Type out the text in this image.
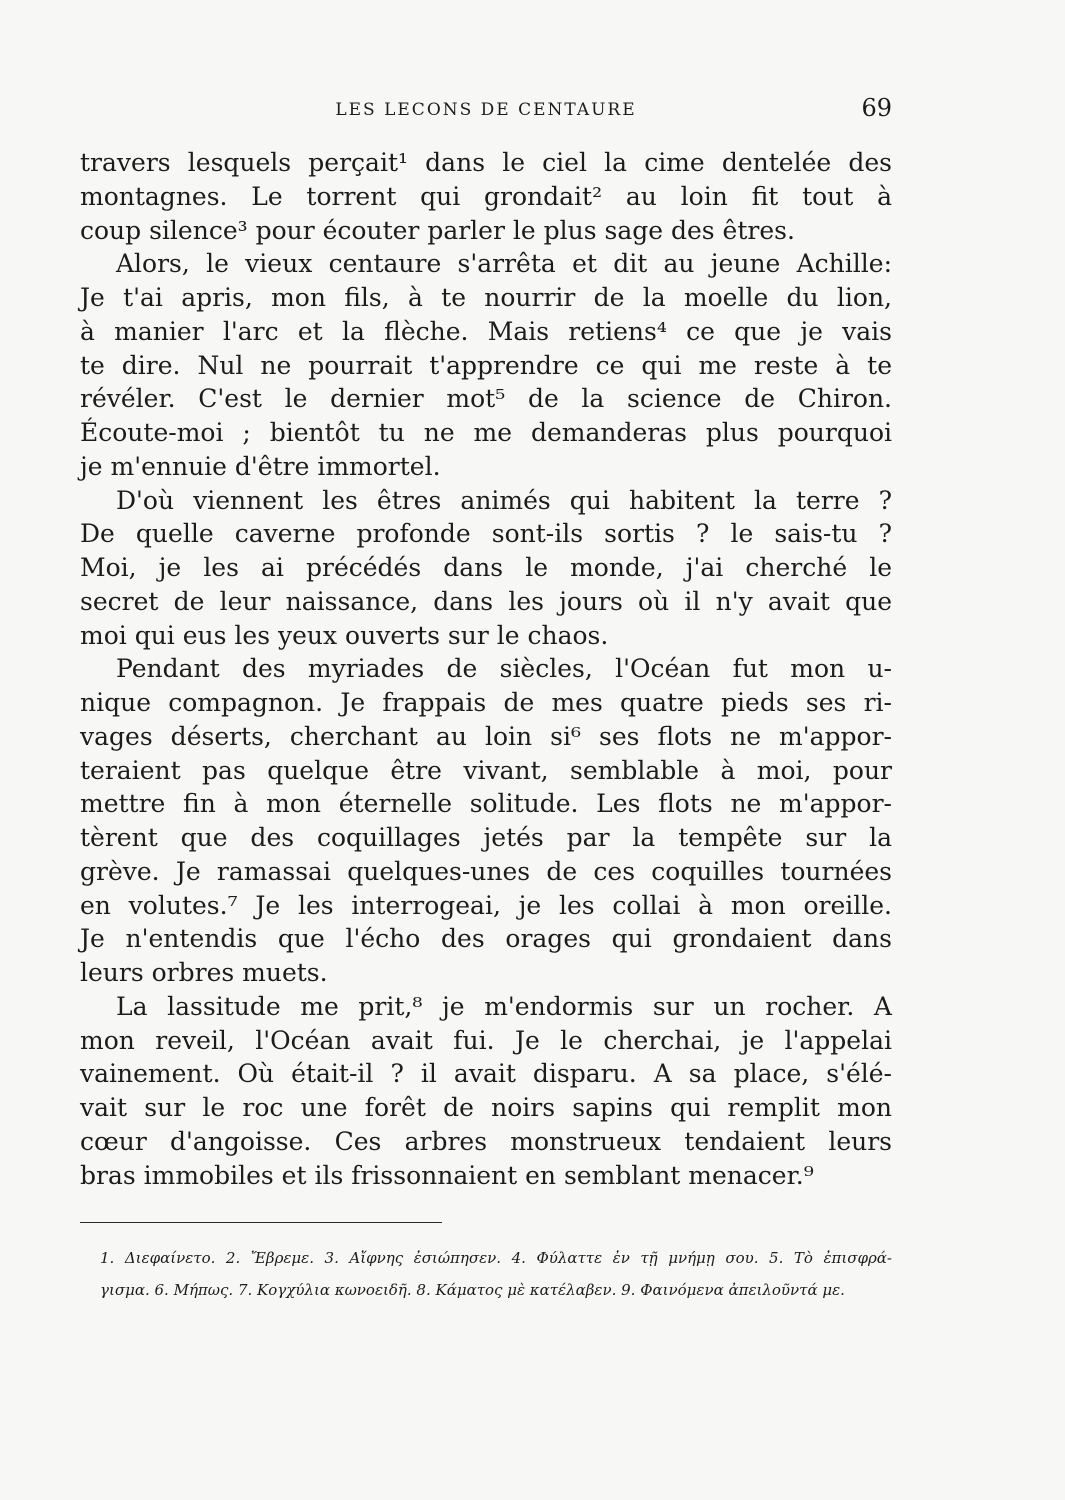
LES LECONS DE CENTAURE	69
travers lesquels perçait¹ dans le ciel la cime dentelée des
montagnes. Le torrent qui grondait² au loin fit tout à
coup silence³ pour écouter parler le plus sage des êtres.
Alors, le vieux centaure s'arrêta et dit au jeune Achille:
Je t'ai apris, mon fils, à te nourrir de la moelle du lion,
à manier l'arc et la flèche. Mais retiens⁴ ce que je vais
te dire. Nul ne pourrait t'apprendre ce qui me reste à te
révéler. C'est le dernier mot⁵ de la science de Chiron.
Écoute-moi ; bientôt tu ne me demanderas plus pourquoi
je m'ennuie d'être immortel.
D'où viennent les êtres animés qui habitent la terre ?
De quelle caverne profonde sont-ils sortis ? le sais-tu ?
Moi, je les ai précédés dans le monde, j'ai cherché le
secret de leur naissance, dans les jours où il n'y avait que
moi qui eus les yeux ouverts sur le chaos.
Pendant des myriades de siècles, l'Océan fut mon u-
nique compagnon. Je frappais de mes quatre pieds ses ri-
vages déserts, cherchant au loin si⁶ ses flots ne m'appor-
teraient pas quelque être vivant, semblable à moi, pour
mettre fin à mon éternelle solitude. Les flots ne m'appor-
tèrent que des coquillages jetés par la tempête sur la
grève. Je ramassai quelques-unes de ces coquilles tournées
en volutes.⁷ Je les interrogeai, je les collai à mon oreille.
Je n'entendis que l'écho des orages qui grondaient dans
leurs orbres muets.
La lassitude me prit,⁸ je m'endormis sur un rocher. A
mon reveil, l'Océan avait fui. Je le cherchai, je l'appelai
vainement. Où était-il ? il avait disparu. A sa place, s'élé-
vait sur le roc une forêt de noirs sapins qui remplit mon
cœur d'angoisse. Ces arbres monstrueux tendaient leurs
bras immobiles et ils frissonnaient en semblant menacer.⁹
1. Διεφαίνετο. 2. Ἔβρεμε. 3. Αἴφνης ἐσιώπησεν. 4. Φύλαττε ἐν τῇ μνήμῃ σου. 5. Τὸ ἐπισφρά-
γισμα. 6. Μήπως. 7. Κογχύλια κωνοειδῆ. 8. Κάματος μὲ κατέλαβεν. 9. Φαινόμενα ἀπειλοῦντά με.
